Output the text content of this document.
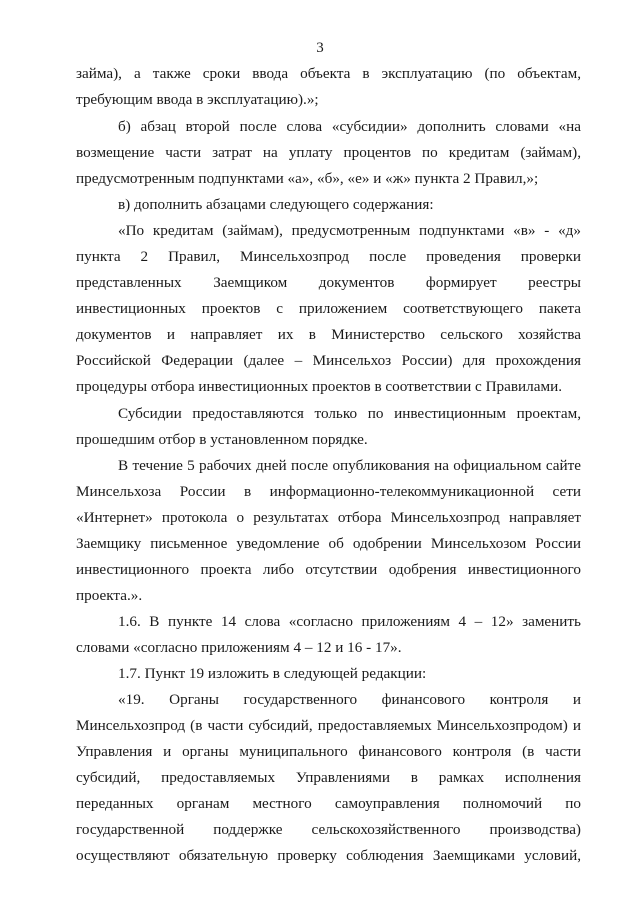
3
займа), а также сроки ввода объекта в эксплуатацию (по объектам,
требующим ввода в эксплуатацию).»;
б) абзац второй после слова «субсидии» дополнить словами «на
возмещение части затрат на уплату процентов по кредитам (займам),
предусмотренным подпунктами «а», «б», «е» и «ж» пункта 2 Правил,»;
в) дополнить абзацами следующего содержания:
«По кредитам (займам), предусмотренным подпунктами «в» - «д»
пункта 2 Правил, Минсельхозпрод после проведения проверки
представленных Заемщиком документов формирует реестры
инвестиционных проектов с приложением соответствующего пакета
документов и направляет их в Министерство сельского хозяйства
Российской Федерации (далее – Минсельхоз России) для прохождения
процедуры отбора инвестиционных проектов в соответствии с Правилами.
Субсидии предоставляются только по инвестиционным проектам,
прошедшим отбор в установленном порядке.
В течение 5 рабочих дней после опубликования на официальном сайте
Минсельхоза России в информационно-телекоммуникационной сети
«Интернет» протокола о результатах отбора Минсельхозпрод направляет
Заемщику письменное уведомление об одобрении Минсельхозом России
инвестиционного проекта либо отсутствии одобрения инвестиционного
проекта.».
1.6. В пункте 14 слова «согласно приложениям 4 – 12» заменить
словами «согласно приложениям 4 – 12 и 16 - 17».
1.7. Пункт 19 изложить в следующей редакции:
«19. Органы государственного финансового контроля и
Минсельхозпрод (в части субсидий, предоставляемых Минсельхозпродом) и
Управления и органы муниципального финансового контроля (в части
субсидий, предоставляемых Управлениями в рамках исполнения
переданных органам местного самоуправления полномочий по
государственной поддержке сельскохозяйственного производства)
осуществляют обязательную проверку соблюдения Заемщиками условий,
